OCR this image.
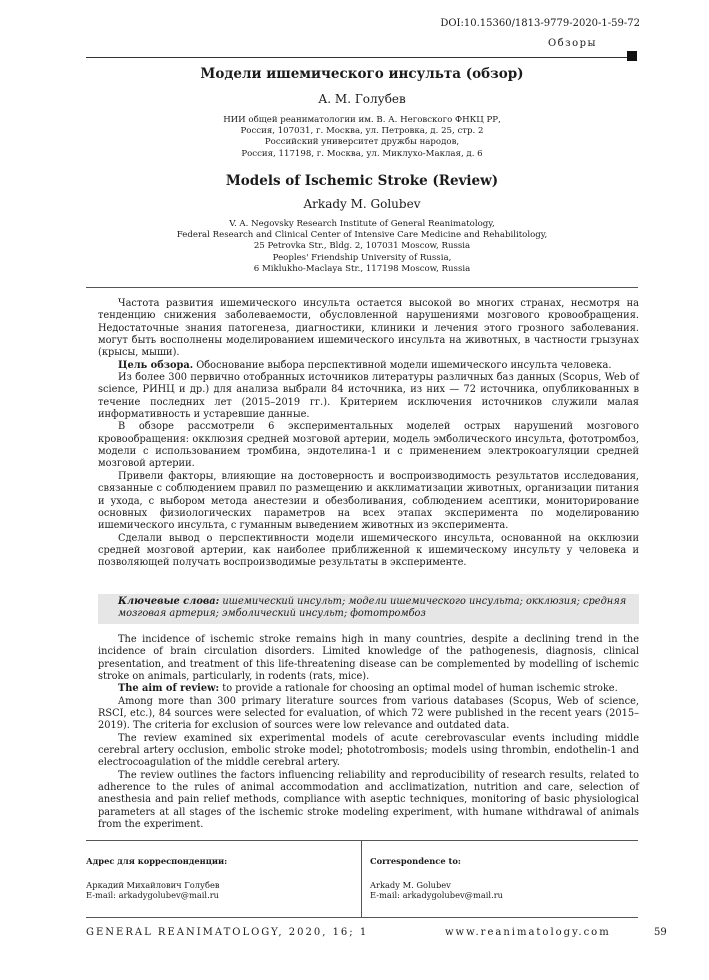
DOI:10.15360/1813-9779-2020-1-59-72
Обзоры
Модели ишемического инсульта (обзор)
А. М. Голубев
НИИ общей реаниматологии им. В. А. Неговского ФНКЦ РР,
Россия, 107031, г. Москва, ул. Петровка, д. 25, стр. 2
Российский университет дружбы народов,
Россия, 117198, г. Москва, ул. Миклухо-Маклая, д. 6
Models of Ischemic Stroke (Review)
Arkady M. Golubev
V. A. Negovsky Research Institute of General Reanimatology,
Federal Research and Clinical Center of Intensive Care Medicine and Rehabilitology,
25 Petrovka Str., Bldg. 2, 107031 Moscow, Russia
Peoples' Friendship University of Russia,
6 Miklukho-Maclaya Str., 117198 Moscow, Russia

Частота развития ишемического инсульта остается высокой во многих странах, несмотря на тенденцию снижения заболеваемости, обусловленной нарушениями мозгового кровообращения. Недостаточные знания патогенеза, диагностики, клиники и лечения этого грозного заболевания. могут быть восполнены моделированием ишемического инсульта на животных, в частности грызунах (крысы, мыши).

Цель обзора. Обоснование выбора перспективной модели ишемического инсульта человека.

Из более 300 первично отобранных источников литературы различных баз данных (Scopus, Web of science, РИНЦ и др.) для анализа выбрали 84 источника, из них — 72 источника, опубликованных в течение последних лет (2015–2019 гг.). Критерием исключения источников служили малая информативность и устаревшие данные.

В обзоре рассмотрели 6 экспериментальных моделей острых нарушений мозгового кровообращения: окклюзия средней мозговой артерии, модель эмболического инсульта, фототромбоз, модели с использованием тромбина, эндотелина-1 и с применением электрокоагуляции средней мозговой артерии.

Привели факторы, влияющие на достоверность и воспроизводимость результатов исследования, связанные с соблюдением правил по размещению и акклиматизации животных, организации питания и ухода, с выбором метода анестезии и обезболивания, соблюдением асептики, мониторирование основных физиологических параметров на всех этапах эксперимента по моделированию ишемического инсульта, с гуманным выведением животных из эксперимента.

Сделали вывод о перспективности модели ишемического инсульта, основанной на окклюзии средней мозговой артерии, как наиболее приближенной к ишемическому инсульту у человека и позволяющей получать воспроизводимые результаты в эксперименте.

Ключевые слова: ишемический инсульт; модели ишемического инсульта; окклюзия; средняя мозговая артерия; эмболический инсульт; фототромбоз

The incidence of ischemic stroke remains high in many countries, despite a declining trend in the incidence of brain circulation disorders. Limited knowledge of the pathogenesis, diagnosis, clinical presentation, and treatment of this life-threatening disease can be complemented by modelling of ischemic stroke on animals, particularly, in rodents (rats, mice).

The aim of review: to provide a rationale for choosing an optimal model of human ischemic stroke.

Among more than 300 primary literature sources from various databases (Scopus, Web of science, RSCI, etc.), 84 sources were selected for evaluation, of which 72 were published in the recent years (2015–2019). The criteria for exclusion of sources were low relevance and outdated data.

The review examined six experimental models of acute cerebrovascular events including middle cerebral artery occlusion, embolic stroke model; phototrombosis; models using thrombin, endothelin-1 and electrocoagulation of the middle cerebral artery.

The review outlines the factors influencing reliability and reproducibility of research results, related to adherence to the rules of animal accommodation and acclimatization, nutrition and care, selection of anesthesia and pain relief methods, compliance with aseptic techniques, monitoring of basic physiological parameters at all stages of the ischemic stroke modeling experiment, with humane withdrawal of animals from the experiment.

Адрес для корреспонденции:
Аркадий Михайлович Голубев
E-mail: arkadygolubev@mail.ru
Correspondence to:
Arkady M. Golubev
E-mail: arkadygolubev@mail.ru
GENERAL REANIMATOLOGY, 2020, 16; 1	www.reanimatology.com	59
